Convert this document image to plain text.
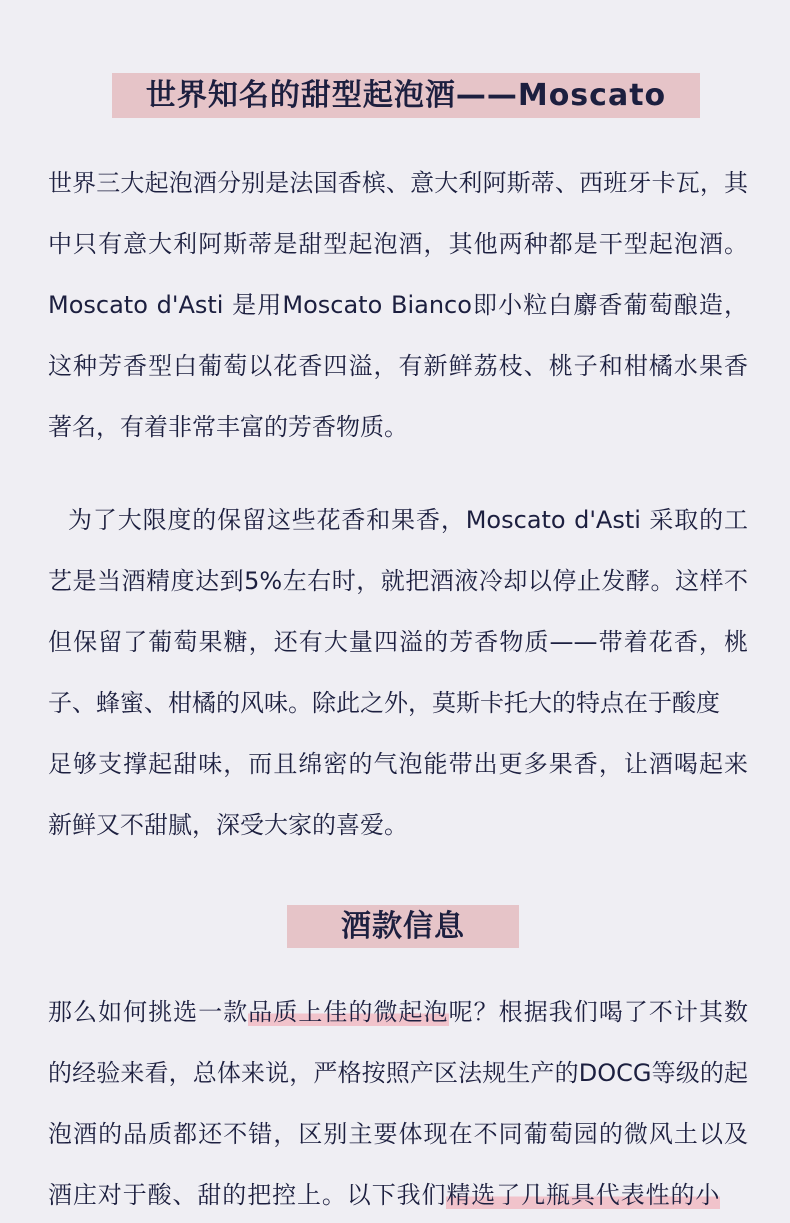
世界知名的甜型起泡酒——Moscato
世界三大起泡酒分别是法国香槟、意大利阿斯蒂、西班牙卡瓦，其
中只有意大利阿斯蒂是甜型起泡酒，其他两种都是干型起泡酒。
Moscato d'Asti 是用Moscato Bianco即小粒白麝香葡萄酿造，
这种芳香型白葡萄以花香四溢，有新鲜荔枝、桃子和柑橘水果香
著名，有着非常丰富的芳香物质。
为了大限度的保留这些花香和果香，Moscato d'Asti 采取的工
艺是当酒精度达到5%左右时，就把酒液冷却以停止发酵。这样不
但保留了葡萄果糖，还有大量四溢的芳香物质——带着花香，桃
子、蜂蜜、柑橘的风味。除此之外，莫斯卡托大的特点在于酸度
足够支撑起甜味，而且绵密的气泡能带出更多果香，让酒喝起来
新鲜又不甜腻，深受大家的喜爱。
酒款信息
那么如何挑选一款品质上佳的微起泡呢？根据我们喝了不计其数
的经验来看，总体来说，严格按照产区法规生产的DOCG等级的起
泡酒的品质都还不错，区别主要体现在不同葡萄园的微风土以及
酒庄对于酸、甜的把控上。以下我们精选了几瓶具代表性的小
